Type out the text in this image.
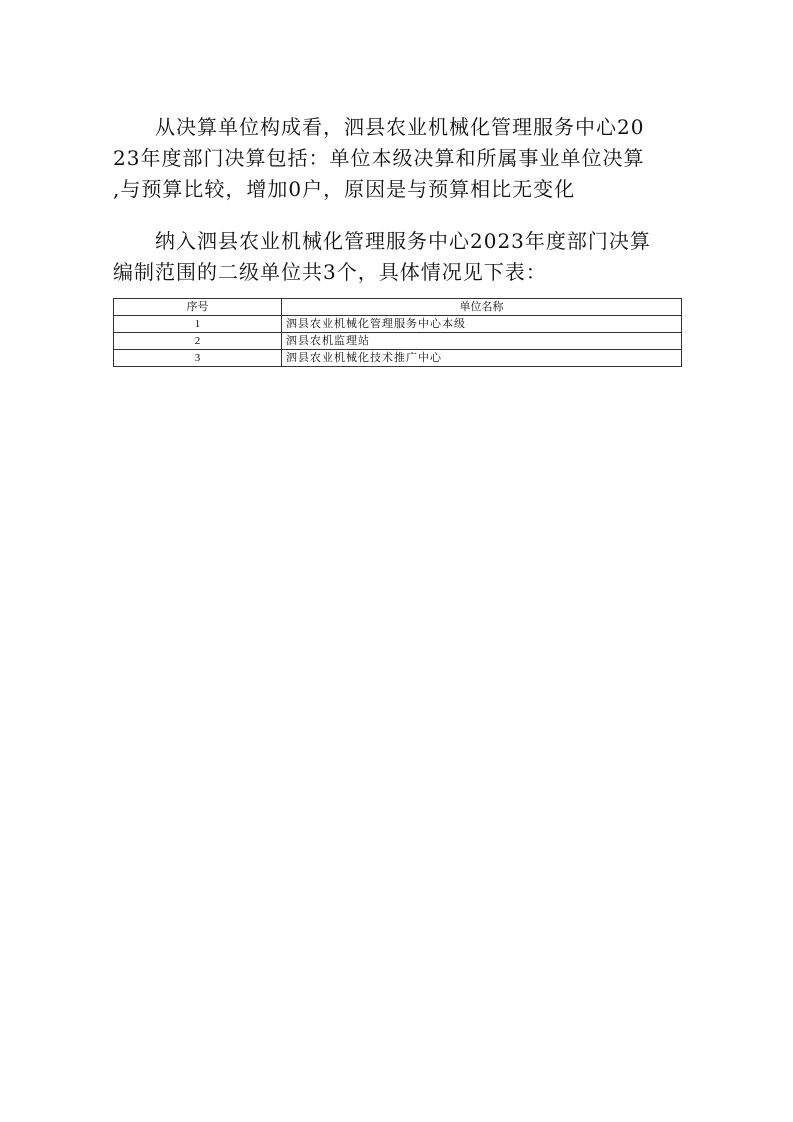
　　从决算单位构成看，泗县农业机械化管理服务中心20
23年度部门决算包括：单位本级决算和所属事业单位决算
,与预算比较，增加0户，原因是与预算相比无变化
　　纳入泗县农业机械化管理服务中心2023年度部门决算
编制范围的二级单位共3个，具体情况见下表：
序号	单位名称
1	泗县农业机械化管理服务中心本级
2	泗县农机监理站
3	泗县农业机械化技术推广中心
